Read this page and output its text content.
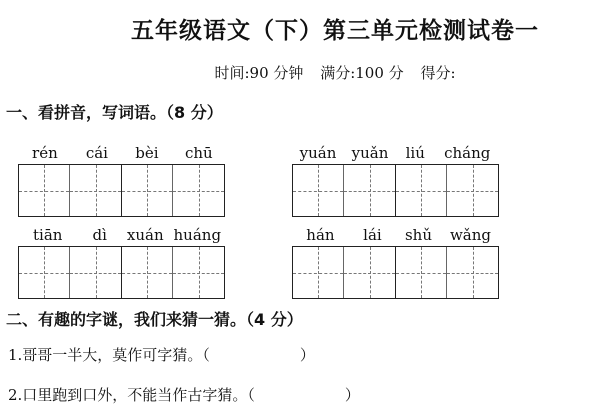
五年级语文（下）第三单元检测试卷一
时间:90 分钟 满分:100 分 得分:
一、看拼音，写词语。（8 分）
rén cái bèi chū	yuán yuǎn liú cháng
tiān dì xuán huáng	hán lái shǔ wǎng
二、有趣的字谜，我们来猜一猜。（4 分）
1.哥哥一半大，莫作可字猜。（	）
2.口里跑到口外，不能当作古字猜。（	）
